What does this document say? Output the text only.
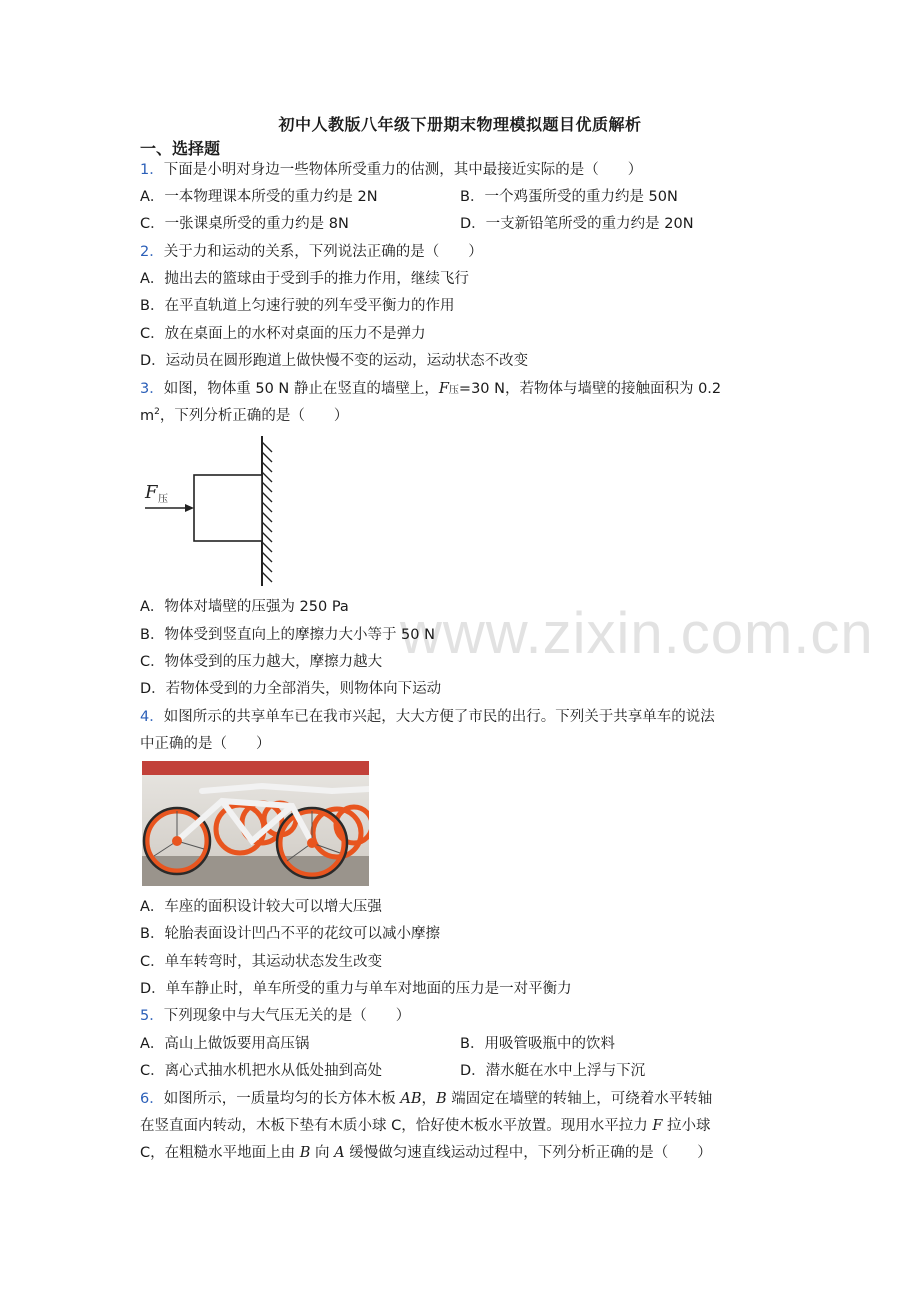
www.zixin.com.cn
初中人教版八年级下册期末物理模拟题目优质解析
一、选择题
1．下面是小明对身边一些物体所受重力的估测，其中最接近实际的是（　　）
A．一本物理课本所受的重力约是 2N	B．一个鸡蛋所受的重力约是 50N
C．一张课桌所受的重力约是 8N	D．一支新铅笔所受的重力约是 20N
2．关于力和运动的关系，下列说法正确的是（　　）
A．抛出去的篮球由于受到手的推力作用，继续飞行
B．在平直轨道上匀速行驶的列车受平衡力的作用
C．放在桌面上的水杯对桌面的压力不是弹力
D．运动员在圆形跑道上做快慢不变的运动，运动状态不改变
3．如图，物体重 50 N 静止在竖直的墙壁上，F压=30 N，若物体与墙壁的接触面积为 0.2
$m^2$，下列分析正确的是（　　）
F 压
A．物体对墙壁的压强为 250 Pa
B．物体受到竖直向上的摩擦力大小等于 50 N
C．物体受到的压力越大，摩擦力越大
D．若物体受到的力全部消失，则物体向下运动
4．如图所示的共享单车已在我市兴起，大大方便了市民的出行。下列关于共享单车的说法
中正确的是（　　）
A．车座的面积设计较大可以增大压强
B．轮胎表面设计凹凸不平的花纹可以减小摩擦
C．单车转弯时，其运动状态发生改变
D．单车静止时，单车所受的重力与单车对地面的压力是一对平衡力
5．下列现象中与大气压无关的是（　　）
A．高山上做饭要用高压锅	B．用吸管吸瓶中的饮料
C．离心式抽水机把水从低处抽到高处	D．潜水艇在水中上浮与下沉
6．如图所示，一质量均匀的长方体木板 AB，B 端固定在墙壁的转轴上，可绕着水平转轴
在竖直面内转动，木板下垫有木质小球 C，恰好使木板水平放置。现用水平拉力 F 拉小球
C，在粗糙水平地面上由 B 向 A 缓慢做匀速直线运动过程中，下列分析正确的是（　　）
